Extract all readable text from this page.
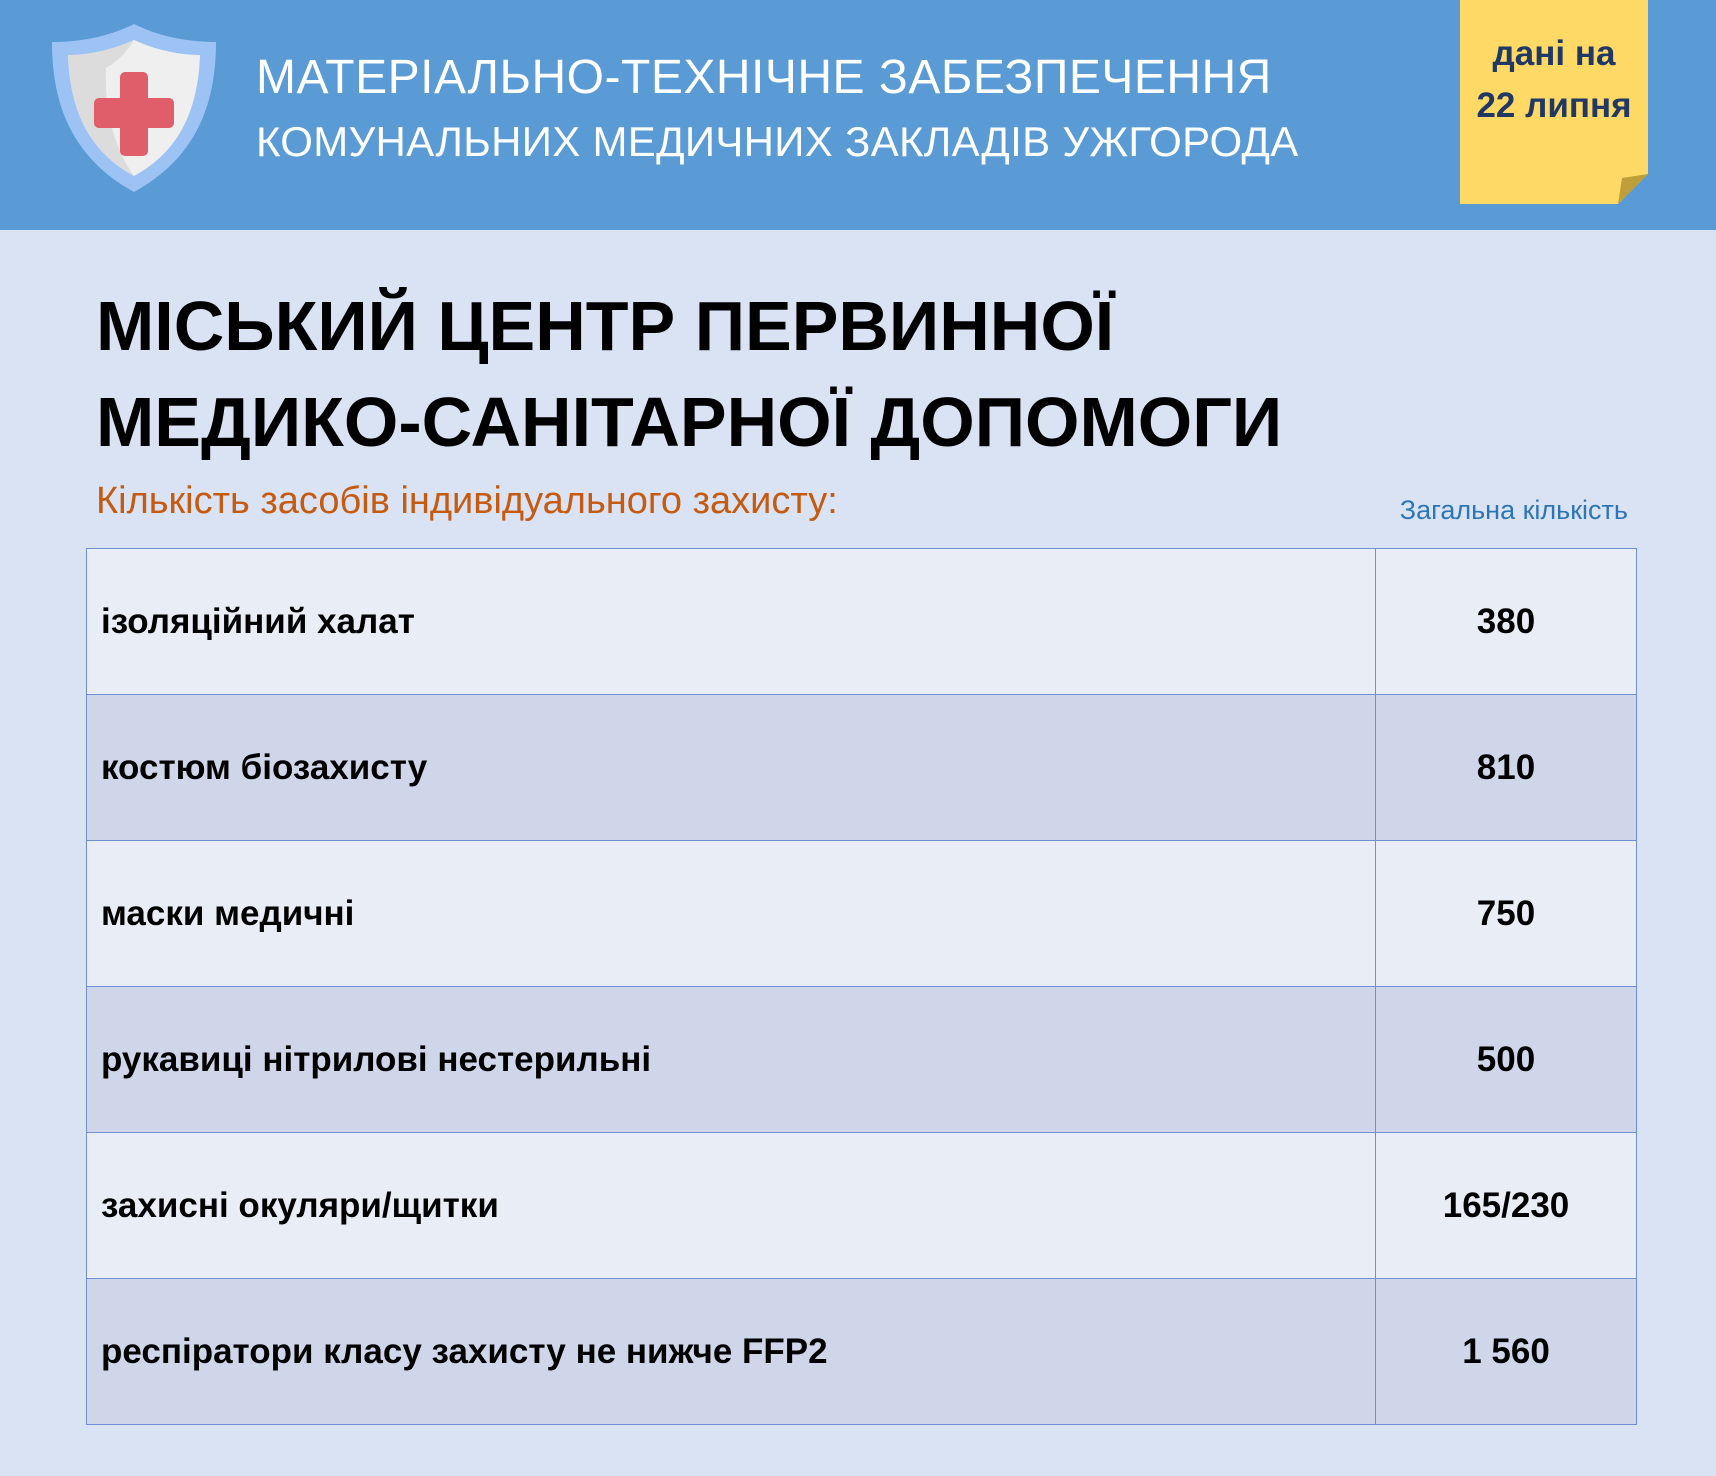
МАТЕРІАЛЬНО-ТЕХНІЧНЕ ЗАБЕЗПЕЧЕННЯ
КОМУНАЛЬНИХ МЕДИЧНИХ ЗАКЛАДІВ УЖГОРОДА
дані на
22 липня
МІСЬКИЙ ЦЕНТР ПЕРВИННОЇ
МЕДИКО-САНІТАРНОЇ ДОПОМОГИ
Кількість засобів індивідуального захисту:	Загальна кількість
ізоляційний халат	380
костюм біозахисту	810
маски медичні	750
рукавиці нітрилові нестерильні	500
захисні окуляри/щитки	165/230
респіратори класу захисту не нижче FFP2	1 560
